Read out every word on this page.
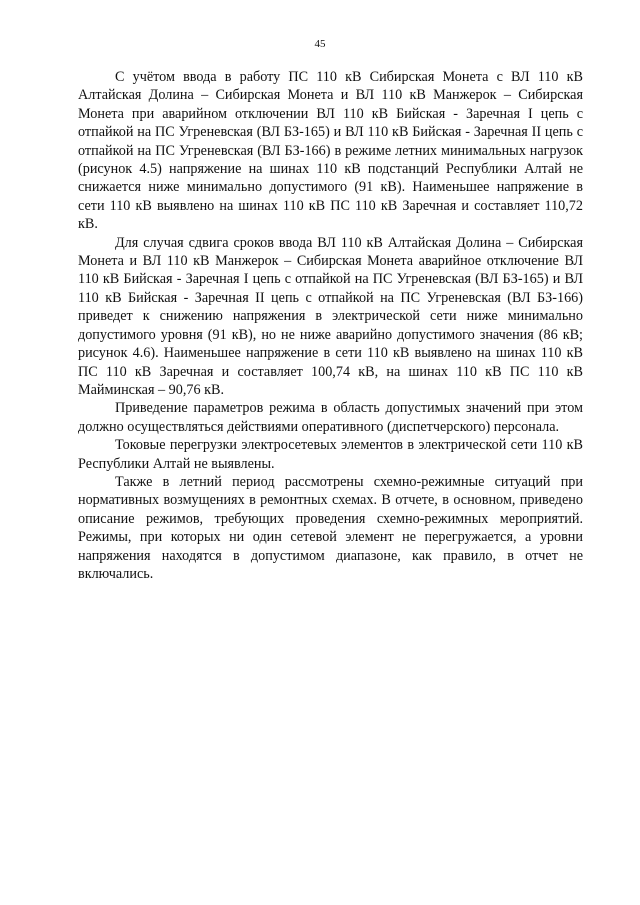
45

С учётом ввода в работу ПС 110 кВ Сибирская Монета с ВЛ 110 кВ Алтайская Долина – Сибирская Монета и ВЛ 110 кВ Манжерок – Сибирская Монета при аварийном отключении ВЛ 110 кВ Бийская - Заречная I цепь с отпайкой на ПС Угреневская (ВЛ БЗ-165) и ВЛ 110 кВ Бийская - Заречная II цепь с отпайкой на ПС Угреневская (ВЛ БЗ-166) в режиме летних минимальных нагрузок (рисунок 4.5) напряжение на шинах 110 кВ подстанций Республики Алтай не снижается ниже минимально допустимого (91 кВ). Наименьшее напряжение в сети 110 кВ выявлено на шинах 110 кВ ПС 110 кВ Заречная и составляет 110,72 кВ.

Для случая сдвига сроков ввода ВЛ 110 кВ Алтайская Долина – Сибирская Монета и ВЛ 110 кВ Манжерок – Сибирская Монета аварийное отключение ВЛ 110 кВ Бийская - Заречная I цепь с отпайкой на ПС Угреневская (ВЛ БЗ-165) и ВЛ 110 кВ Бийская - Заречная II цепь с отпайкой на ПС Угреневская (ВЛ БЗ-166) приведет к снижению напряжения в электрической сети ниже минимально допустимого уровня (91 кВ), но не ниже аварийно допустимого значения (86 кВ; рисунок 4.6). Наименьшее напряжение в сети 110 кВ выявлено на шинах 110 кВ ПС 110 кВ Заречная и составляет 100,74 кВ, на шинах 110 кВ ПС 110 кВ Майминская – 90,76 кВ.

Приведение параметров режима в область допустимых значений при этом должно осуществляться действиями оперативного (диспетчерского) персонала.

Токовые перегрузки электросетевых элементов в электрической сети 110 кВ Республики Алтай не выявлены.

Также в летний период рассмотрены схемно-режимные ситуаций при нормативных возмущениях в ремонтных схемах. В отчете, в основном, приведено описание режимов, требующих проведения схемно-режимных мероприятий. Режимы, при которых ни один сетевой элемент не перегружается, а уровни напряжения находятся в допустимом диапазоне, как правило, в отчет не включались.
